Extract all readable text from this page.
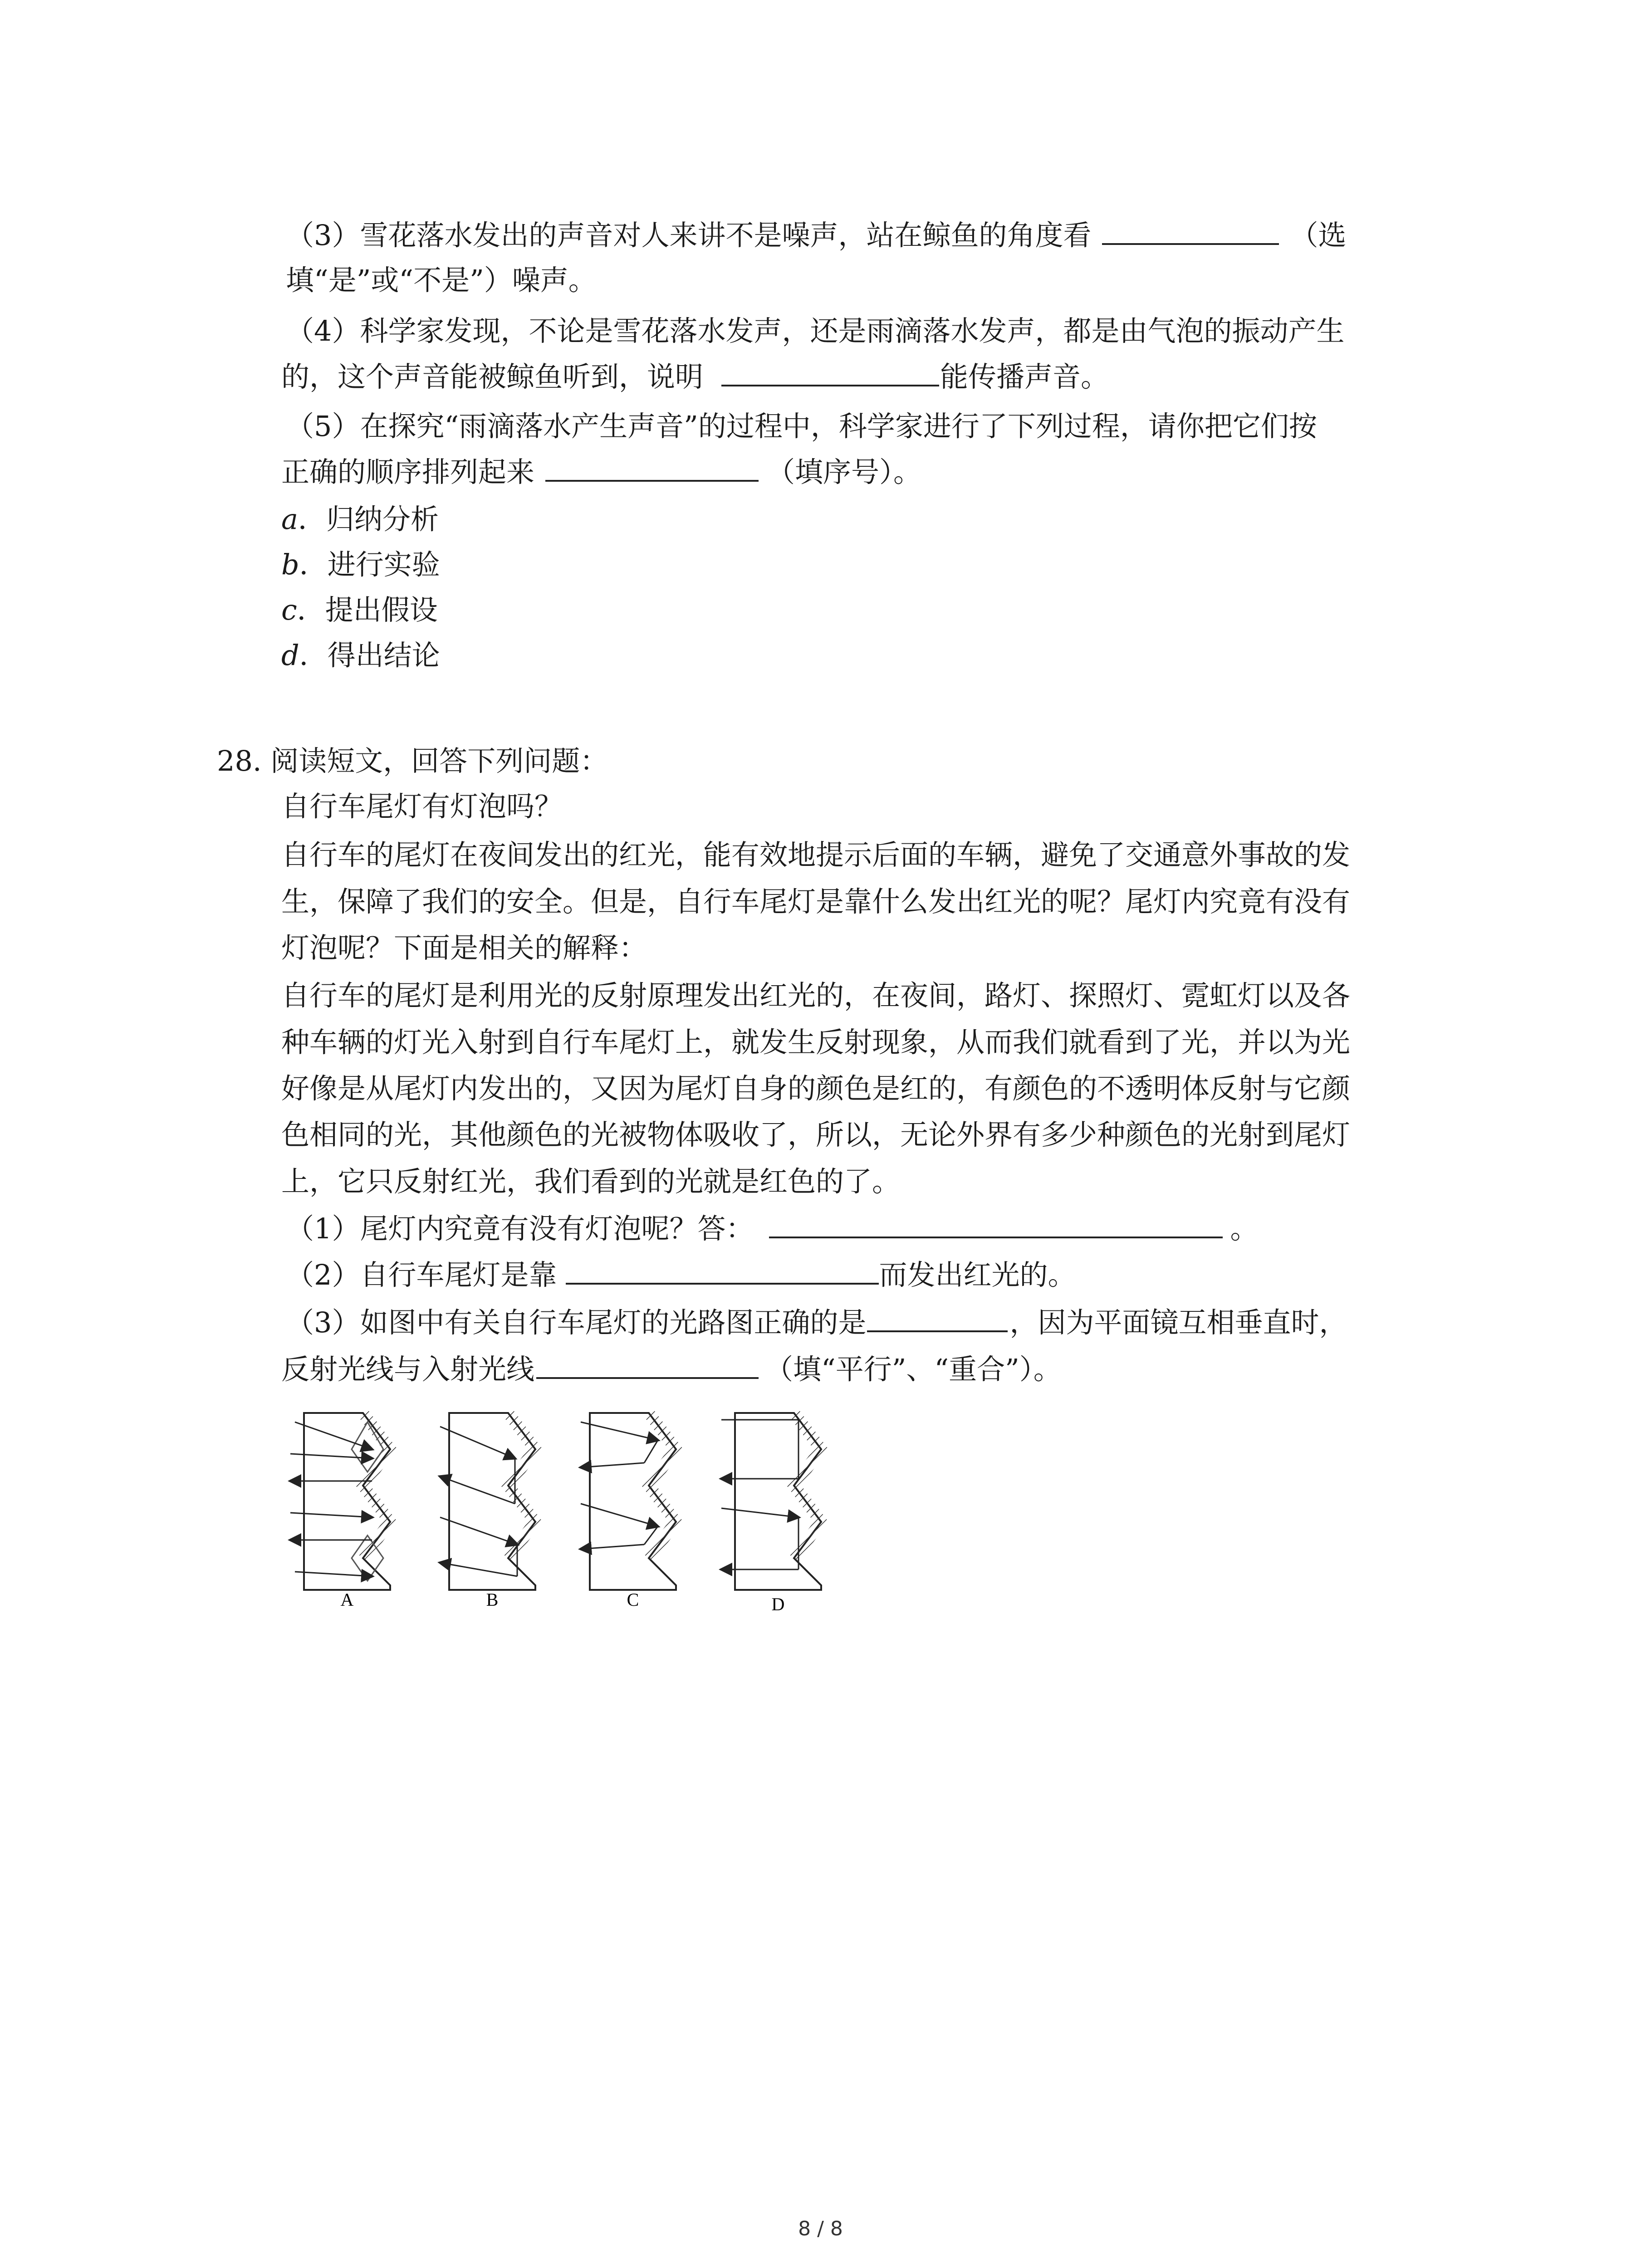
（3）雪花落水发出的声音对人来讲不是噪声，站在鲸鱼的角度看	（选
填“是”或“不是”）噪声。
（4）科学家发现，不论是雪花落水发声，还是雨滴落水发声，都是由气泡的振动产生
的，这个声音能被鲸鱼听到，说明	能传播声音。
（5）在探究“雨滴落水产生声音”的过程中，科学家进行了下列过程，请你把它们按
正确的顺序排列起来	（填序号）。
a．归纳分析
b．进行实验
c．提出假设
d．得出结论
28. 阅读短文，回答下列问题：
自行车尾灯有灯泡吗？
自行车的尾灯在夜间发出的红光，能有效地提示后面的车辆，避免了交通意外事故的发
生，保障了我们的安全。但是，自行车尾灯是靠什么发出红光的呢？尾灯内究竟有没有
灯泡呢？下面是相关的解释：
自行车的尾灯是利用光的反射原理发出红光的，在夜间，路灯、探照灯、霓虹灯以及各
种车辆的灯光入射到自行车尾灯上，就发生反射现象，从而我们就看到了光，并以为光
好像是从尾灯内发出的，又因为尾灯自身的颜色是红的，有颜色的不透明体反射与它颜
色相同的光，其他颜色的光被物体吸收了，所以，无论外界有多少种颜色的光射到尾灯
上，它只反射红光，我们看到的光就是红色的了。
（1）尾灯内究竟有没有灯泡呢？答：	。
（2）自行车尾灯是靠	而发出红光的。
（3）如图中有关自行车尾灯的光路图正确的是	，因为平面镜互相垂直时，
反射光线与入射光线	（填“平行”、“重合”）。
A	B	C	D
8 / 8
